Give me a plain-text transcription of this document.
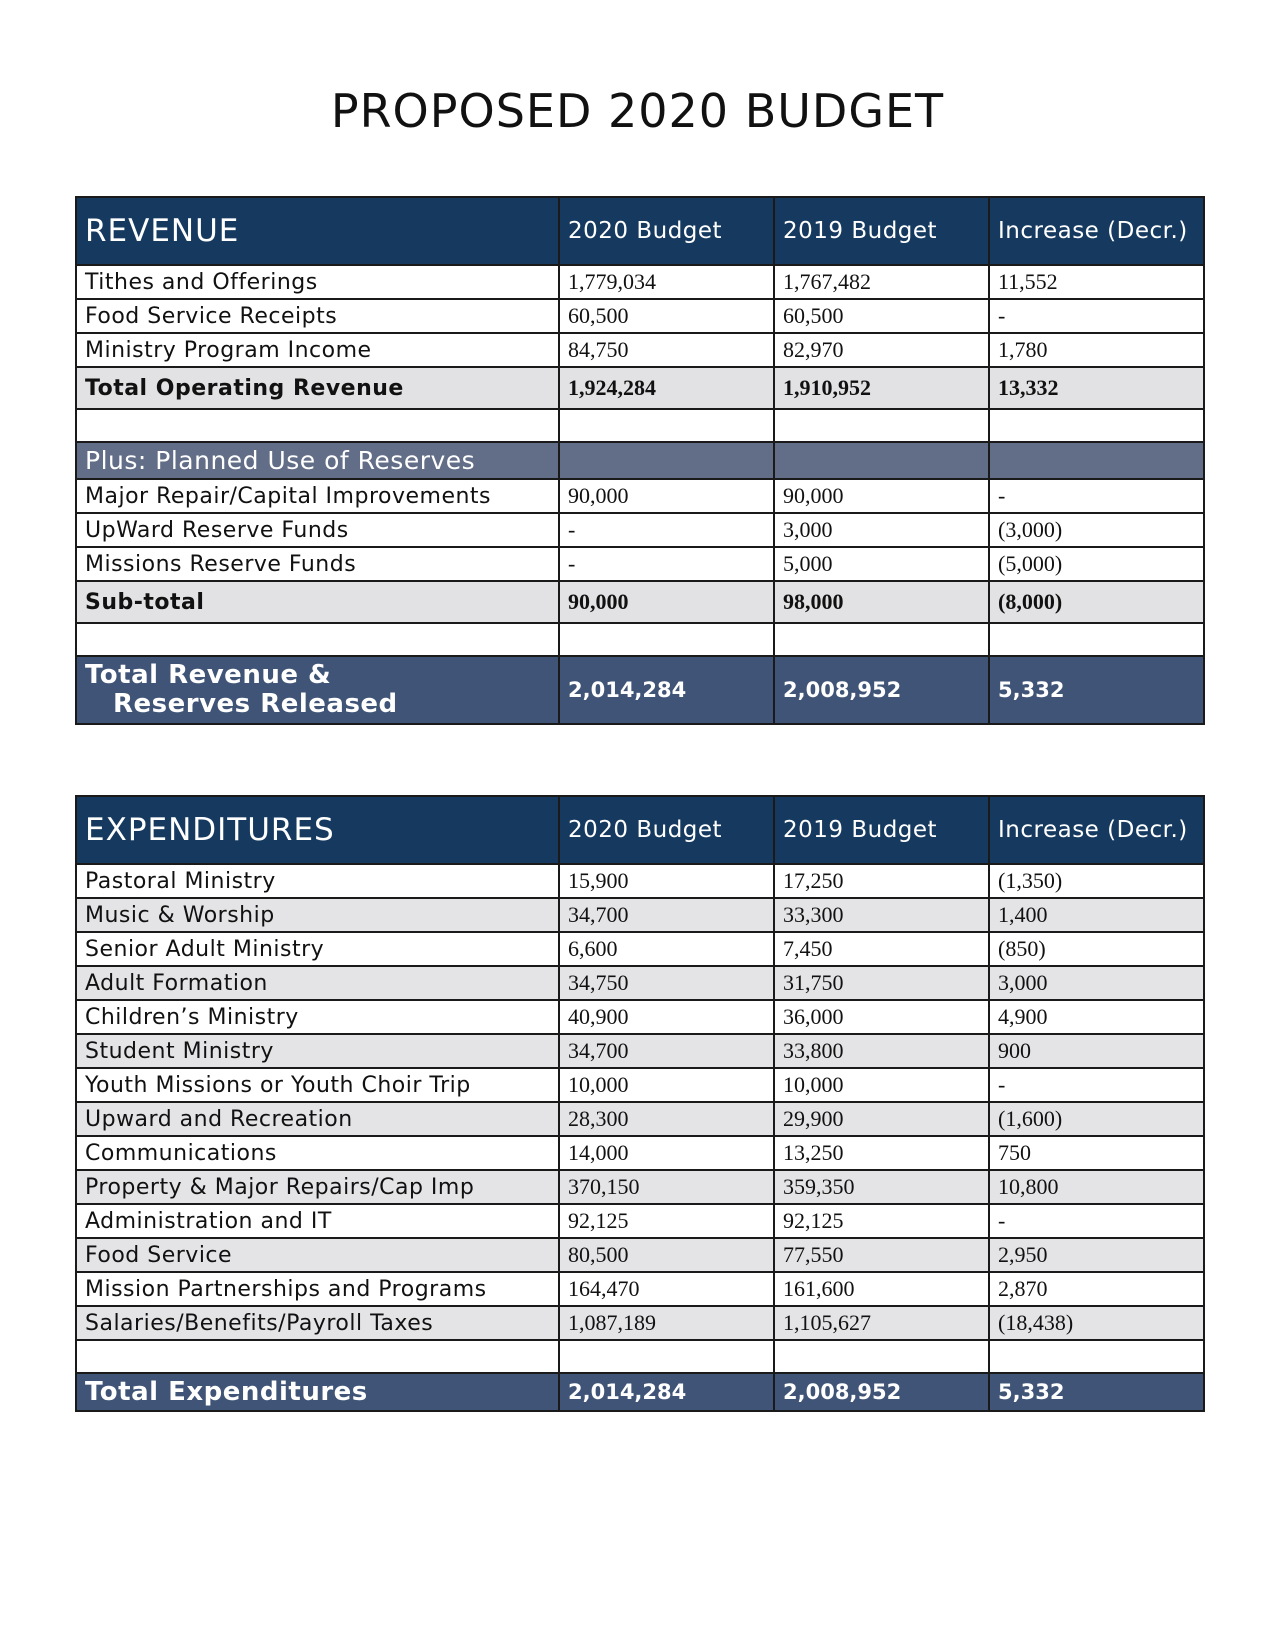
PROPOSED 2020 BUDGET
REVENUE	2020 Budget	2019 Budget	Increase (Decr.)
Tithes and Offerings	1,779,034	1,767,482	11,552
Food Service Receipts	60,500	60,500	-
Ministry Program Income	84,750	82,970	1,780
Total Operating Revenue	1,924,284	1,910,952	13,332

Plus: Planned Use of Reserves			
Major Repair/Capital Improvements	90,000	90,000	-
UpWard Reserve Funds	-	3,000	(3,000)
Missions Reserve Funds	-	5,000	(5,000)
Sub-total	90,000	98,000	(8,000)

Total Revenue &
Reserves Released	2,014,284	2,008,952	5,332
EXPENDITURES	2020 Budget	2019 Budget	Increase (Decr.)
Pastoral Ministry	15,900	17,250	(1,350)
Music & Worship	34,700	33,300	1,400
Senior Adult Ministry	6,600	7,450	(850)
Adult Formation	34,750	31,750	3,000
Children’s Ministry	40,900	36,000	4,900
Student Ministry	34,700	33,800	900
Youth Missions or Youth Choir Trip	10,000	10,000	-
Upward and Recreation	28,300	29,900	(1,600)
Communications	14,000	13,250	750
Property & Major Repairs/Cap Imp	370,150	359,350	10,800
Administration and IT	92,125	92,125	-
Food Service	80,500	77,550	2,950
Mission Partnerships and Programs	164,470	161,600	2,870
Salaries/Benefits/Payroll Taxes	1,087,189	1,105,627	(18,438)

Total Expenditures	2,014,284	2,008,952	5,332
